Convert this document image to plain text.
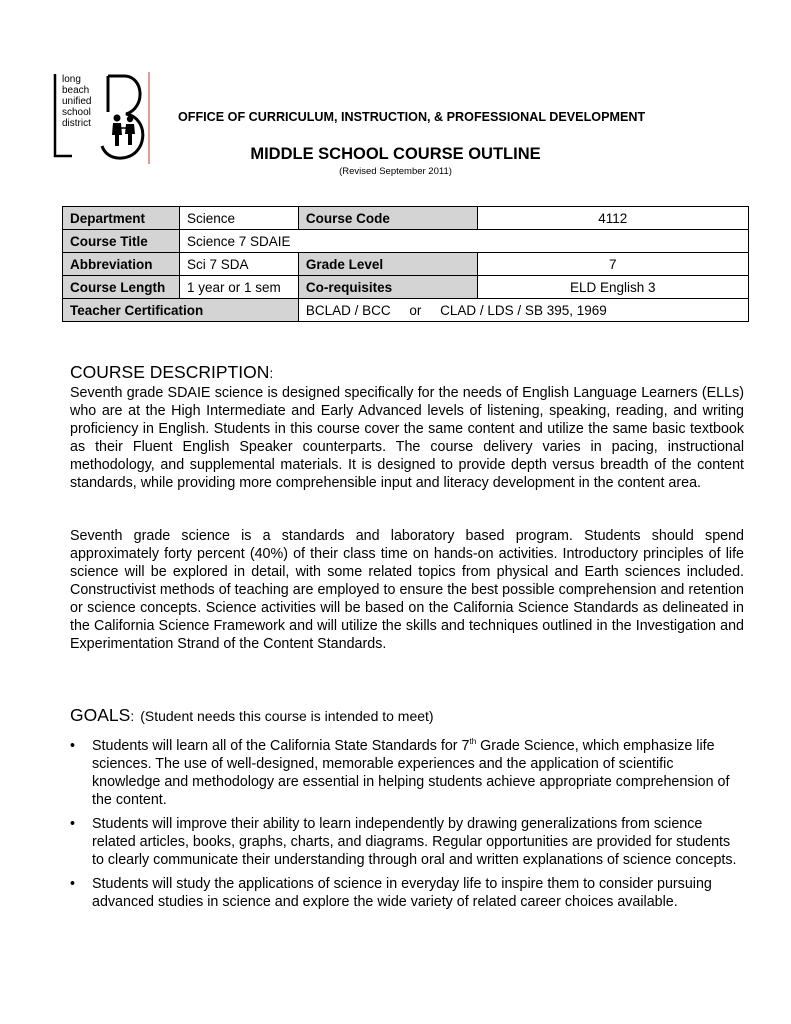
long
beach
unified
school
district	OFFICE OF CURRICULUM, INSTRUCTION, & PROFESSIONAL DEVELOPMENT
MIDDLE SCHOOL COURSE OUTLINE
(Revised September 2011)
Department	Science	Course Code	4112
Course Title	Science 7 SDAIE		
Abbreviation	Sci 7 SDA	Grade Level	7
Course Length	1 year or 1 sem	Co-requisites	ELD English 3
Teacher Certification		BCLAD / BCC     or     CLAD / LDS / SB 395, 1969	
COURSE DESCRIPTION:
Seventh grade SDAIE science is designed specifically for the needs of English Language Learners (ELLs) who are at the High Intermediate and Early Advanced levels of listening, speaking, reading, and writing proficiency in English. Students in this course cover the same content and utilize the same basic textbook as their Fluent English Speaker counterparts. The course delivery varies in pacing, instructional methodology, and supplemental materials. It is designed to provide depth versus breadth of the content standards, while providing more comprehensible input and literacy development in the content area.
Seventh grade science is a standards and laboratory based program. Students should spend approximately forty percent (40%) of their class time on hands-on activities. Introductory principles of life science will be explored in detail, with some related topics from physical and Earth sciences included. Constructivist methods of teaching are employed to ensure the best possible comprehension and retention or science concepts. Science activities will be based on the California Science Standards as delineated in the California Science Framework and will utilize the skills and techniques outlined in the Investigation and Experimentation Strand of the Content Standards.
GOALS: (Student needs this course is intended to meet)
• Students will learn all of the California State Standards for 7th Grade Science, which emphasize life sciences. The use of well-designed, memorable experiences and the application of scientific knowledge and methodology are essential in helping students achieve appropriate comprehension of the content.
• Students will improve their ability to learn independently by drawing generalizations from science related articles, books, graphs, charts, and diagrams. Regular opportunities are provided for students to clearly communicate their understanding through oral and written explanations of science concepts.
• Students will study the applications of science in everyday life to inspire them to consider pursuing advanced studies in science and explore the wide variety of related career choices available.
